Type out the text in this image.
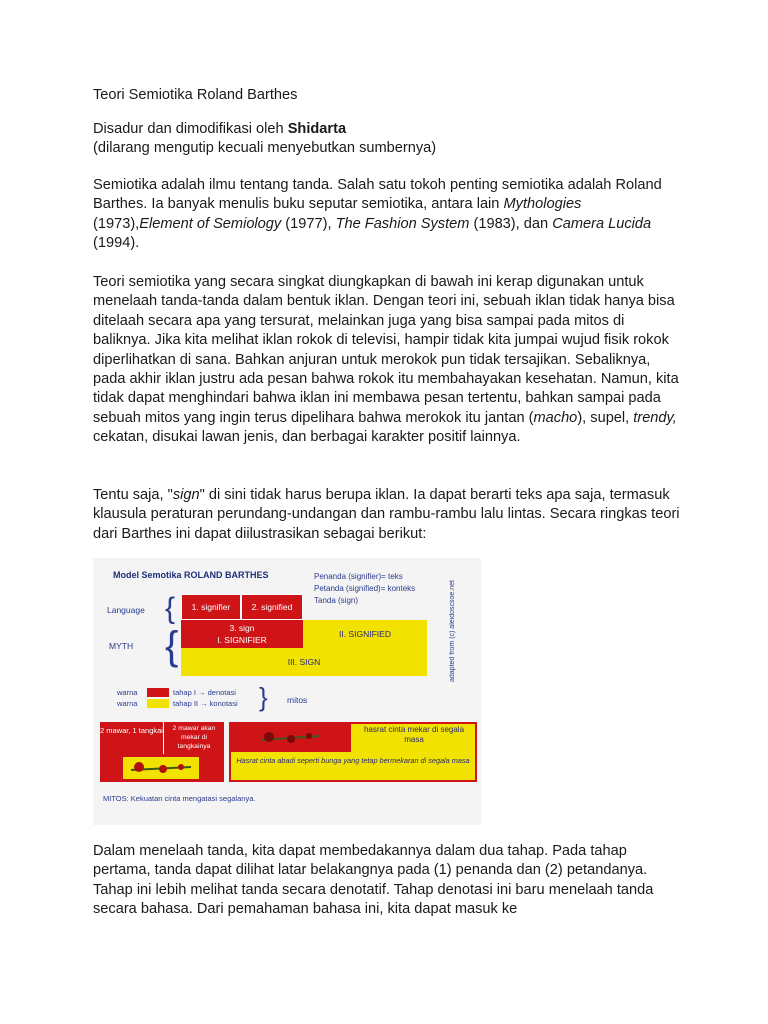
Teori Semiotika Roland Barthes

Disadur dan dimodifikasi oleh Shidarta

(dilarang mengutip kecuali menyebutkan sumbernya)

Semiotika adalah ilmu tentang tanda. Salah satu tokoh penting semiotika adalah Roland Barthes. Ia banyak menulis buku seputar semiotika, antara lain Mythologies (1973),Element of Semiology (1977), The Fashion System (1983), dan Camera Lucida (1994).

Teori semiotika yang secara singkat diungkapkan di bawah ini kerap digunakan untuk menelaah tanda-tanda dalam bentuk iklan. Dengan teori ini, sebuah iklan tidak hanya bisa ditelaah secara apa yang tersurat, melainkan juga yang bisa sampai pada mitos di baliknya. Jika kita melihat iklan rokok di televisi, hampir tidak kita jumpai wujud fisik rokok diperlihatkan di sana. Bahkan anjuran untuk merokok pun tidak tersajikan. Sebaliknya, pada akhir iklan justru ada pesan bahwa rokok itu membahayakan kesehatan. Namun, kita tidak dapat menghindari bahwa iklan ini membawa pesan tertentu, bahkan sampai pada sebuah mitos yang ingin terus dipelihara bahwa merokok itu jantan (macho), supel, trendy, cekatan, disukai lawan jenis, dan berbagai karakter positif lainnya.

Tentu saja, "sign" di sini tidak harus berupa iklan. Ia dapat berarti teks apa saja, termasuk klausula peraturan perundang-undangan dan rambu-rambu lalu lintas. Secara ringkas teori dari Barthes ini dapat diilustrasikan sebagai berikut:

Model Semotika ROLAND BARTHES	Penanda (signifier)= teks
Petanda (signified)= konteks
Tanda (sign)	adapted from (c) aleidoscsoe.net
Language
MYTH
{
{
1. signifier	2. signified
3. sign
I. SIGNIFIER
II. SIGNIFIED
III. SIGN
warna
warna
tahap I → denotasi
tahap II → konotasi } mitos
2 mawar, 1 tangkai	2 mawar akan mekar di tangkainya
hasrat cinta mekar di segala masa
Hasrat cinta abadi seperti bunga yang tetap bermekaran di segala masa
MITOS: Kekuatan cinta mengatasi segalanya.

Dalam menelaah tanda, kita dapat membedakannya dalam dua tahap. Pada tahap pertama, tanda dapat dilihat latar belakangnya pada (1) penanda dan (2) petandanya. Tahap ini lebih melihat tanda secara denotatif. Tahap denotasi ini baru menelaah tanda secara bahasa. Dari pemahaman bahasa ini, kita dapat masuk ke
